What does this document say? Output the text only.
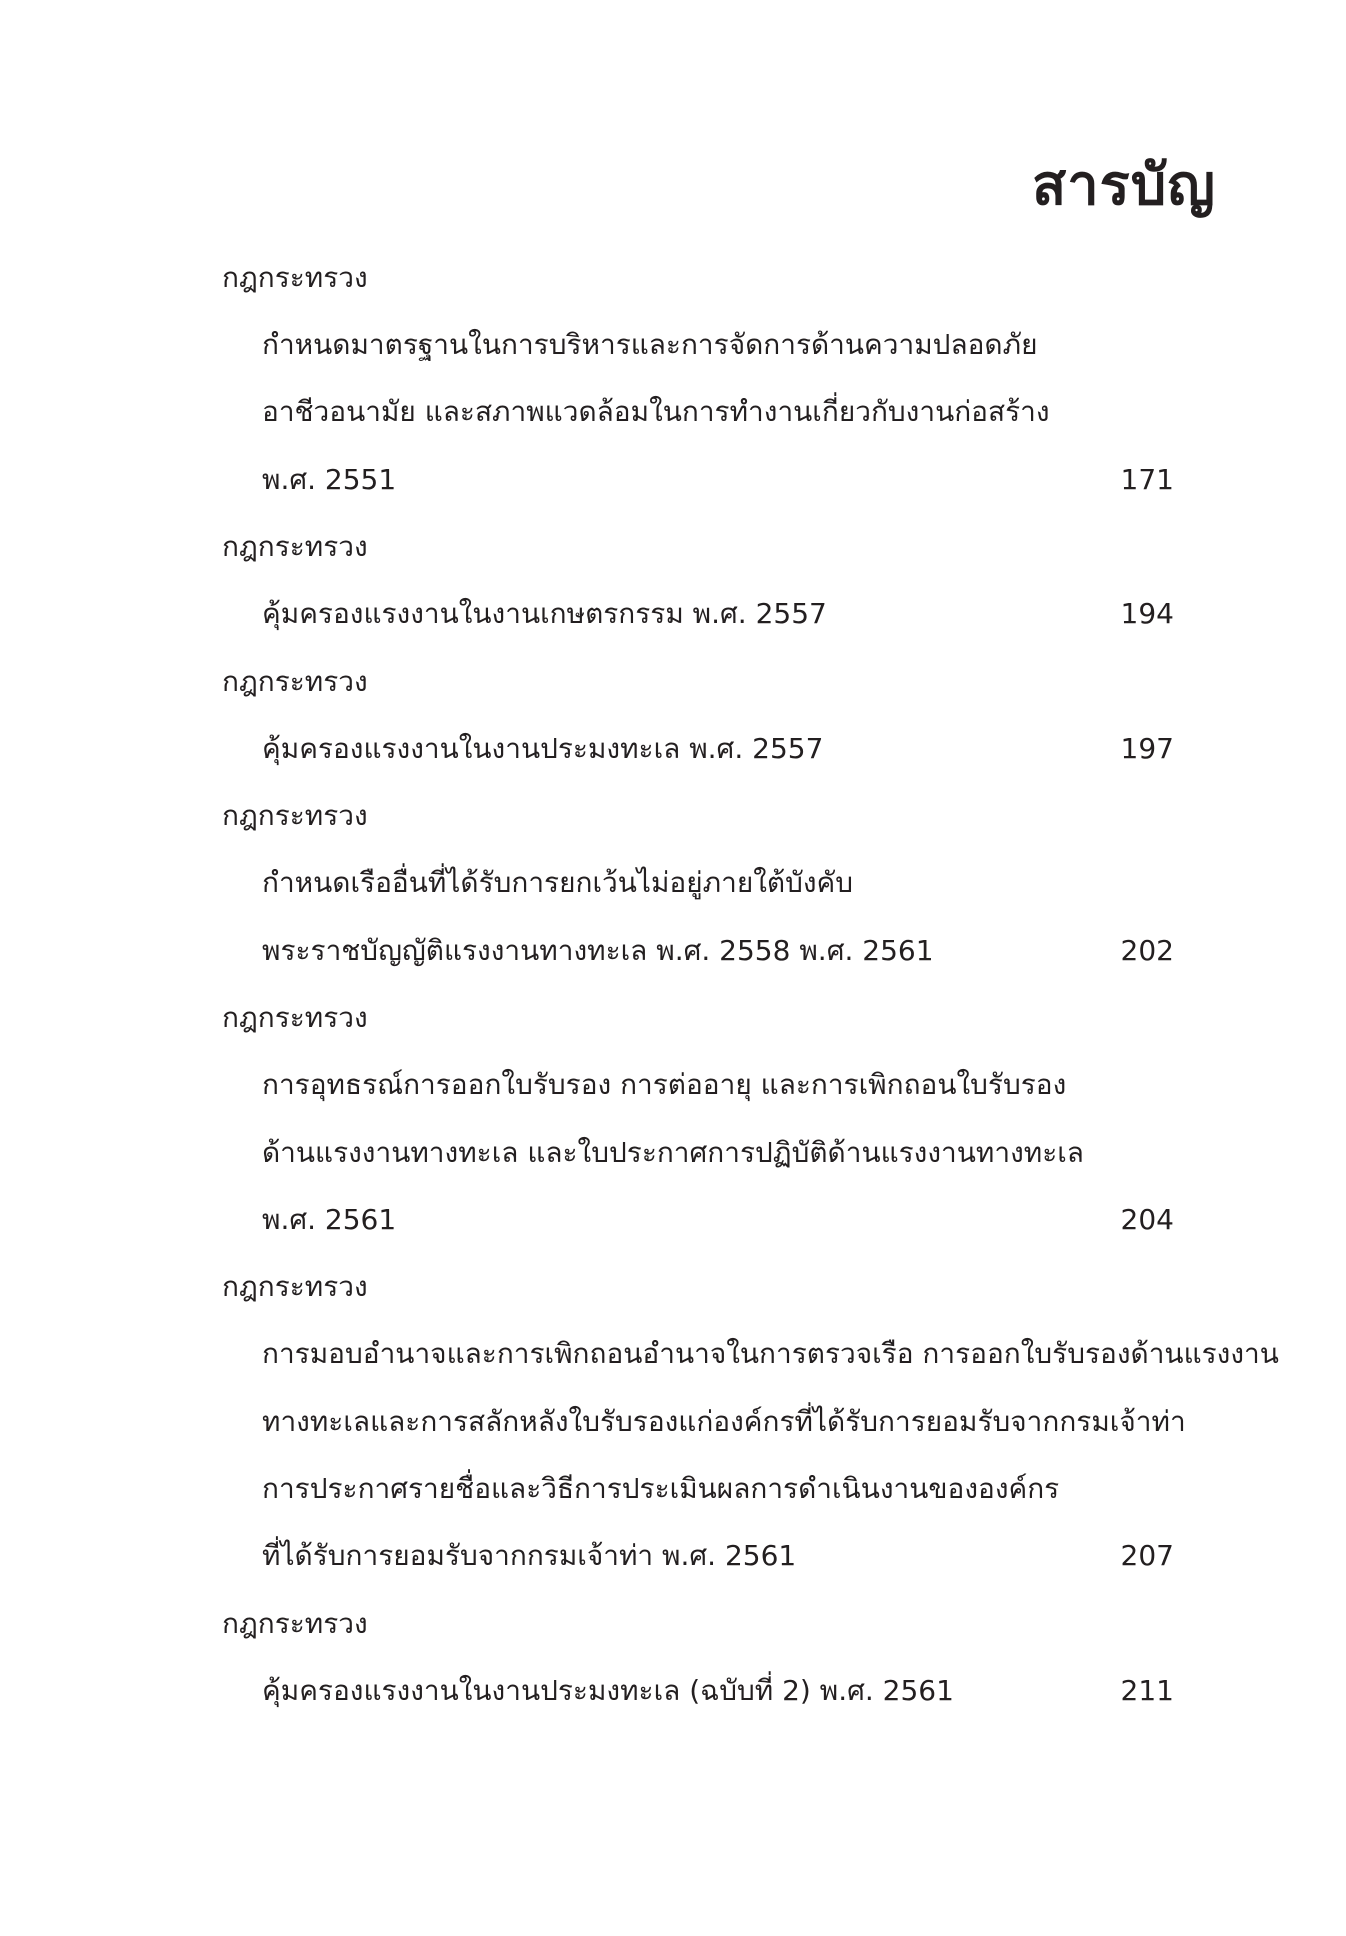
สารบัญ
กฎกระทรวง
กำหนดมาตรฐานในการบริหารและการจัดการด้านความปลอดภัย
อาชีวอนามัย และสภาพแวดล้อมในการทำงานเกี่ยวกับงานก่อสร้าง
พ.ศ. 2551	171
กฎกระทรวง
คุ้มครองแรงงานในงานเกษตรกรรม พ.ศ. 2557	194
กฎกระทรวง
คุ้มครองแรงงานในงานประมงทะเล พ.ศ. 2557	197
กฎกระทรวง
กำหนดเรืออื่นที่ได้รับการยกเว้นไม่อยู่ภายใต้บังคับ
พระราชบัญญัติแรงงานทางทะเล พ.ศ. 2558 พ.ศ. 2561	202
กฎกระทรวง
การอุทธรณ์การออกใบรับรอง การต่ออายุ และการเพิกถอนใบรับรอง
ด้านแรงงานทางทะเล และใบประกาศการปฏิบัติด้านแรงงานทางทะเล
พ.ศ. 2561	204
กฎกระทรวง
การมอบอำนาจและการเพิกถอนอำนาจในการตรวจเรือ การออกใบรับรองด้านแรงงาน
ทางทะเลและการสลักหลังใบรับรองแก่องค์กรที่ได้รับการยอมรับจากกรมเจ้าท่า
การประกาศรายชื่อและวิธีการประเมินผลการดำเนินงานขององค์กร
ที่ได้รับการยอมรับจากกรมเจ้าท่า พ.ศ. 2561	207
กฎกระทรวง
คุ้มครองแรงงานในงานประมงทะเล (ฉบับที่ 2) พ.ศ. 2561	211
